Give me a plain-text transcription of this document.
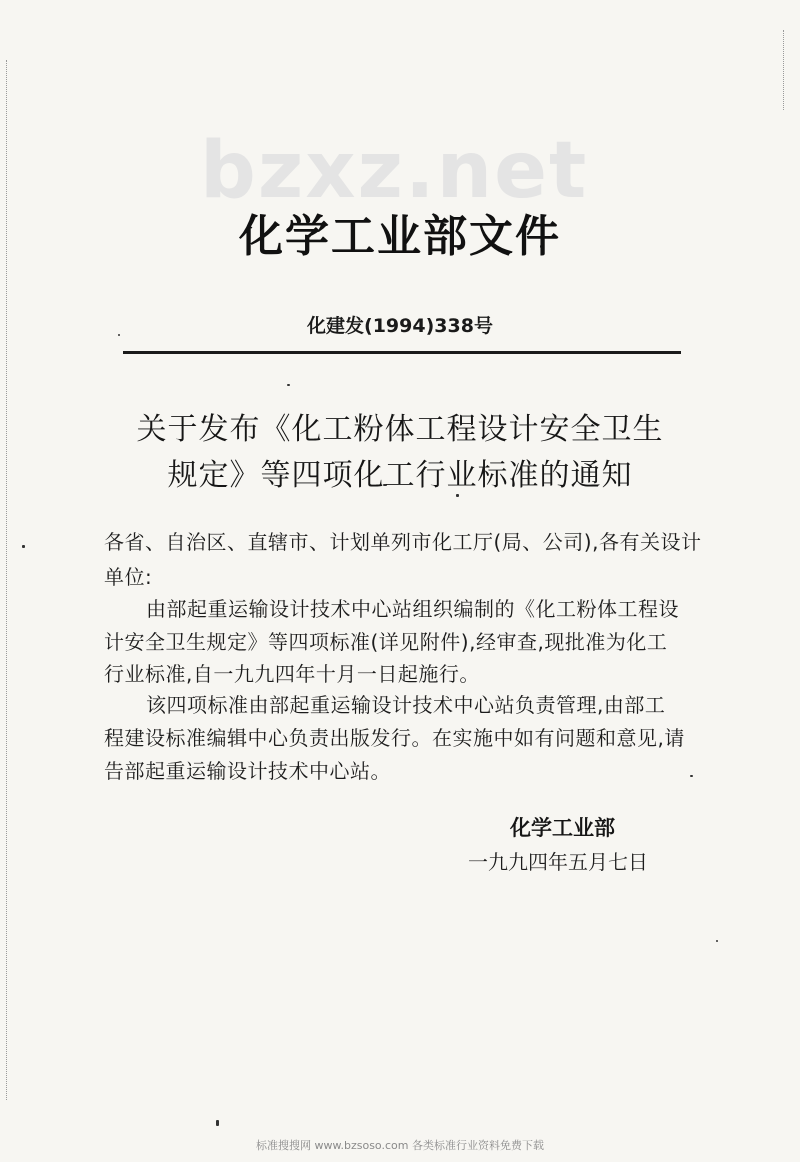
bzxz.net
化学工业部文件
化建发(1994)338号
关于发布《化工粉体工程设计安全卫生
规定》等四项化工行业标准的通知
各省、自治区、直辖市、计划单列市化工厅(局、公司),各有关设计
单位:
由部起重运输设计技术中心站组织编制的《化工粉体工程设
计安全卫生规定》等四项标准(详见附件),经审查,现批准为化工
行业标准,自一九九四年十月一日起施行。
该四项标准由部起重运输设计技术中心站负责管理,由部工
程建设标准编辑中心负责出版发行。在实施中如有问题和意见,请
告部起重运输设计技术中心站。
化学工业部
一九九四年五月七日
标准搜搜网 www.bzsoso.com 各类标准行业资料免费下载
